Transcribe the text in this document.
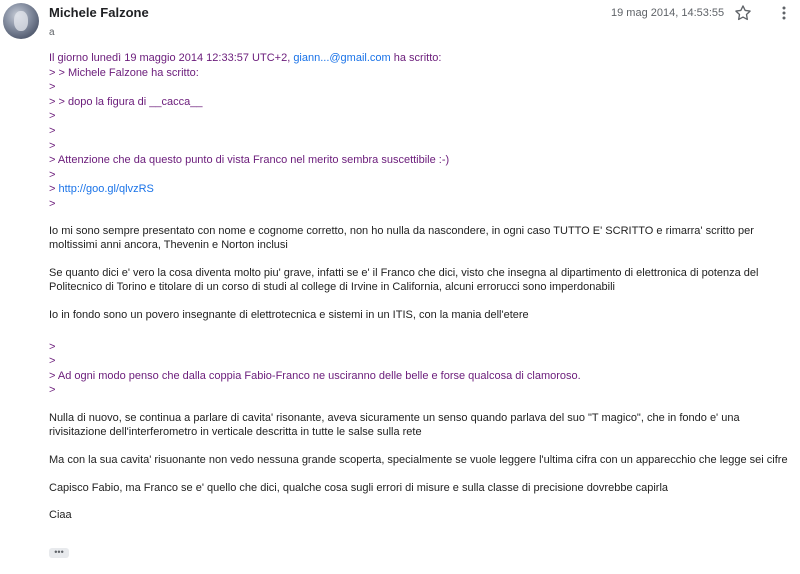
Michele Falzone
a
19 mag 2014, 14:53:55
Il giorno lunedì 19 maggio 2014 12:33:57 UTC+2, giann...@gmail.com ha scritto:
> > Michele Falzone ha scritto:
>
> > dopo la figura di __cacca__
>
>
>
> Attenzione che da questo punto di vista Franco nel merito sembra suscettibile :-)
>
> http://goo.gl/qlvzRS
>

Io mi sono sempre presentato con nome e cognome corretto, non ho nulla da nascondere, in ogni caso TUTTO E' SCRITTO e rimarra' scritto per moltissimi anni ancora, Thevenin e Norton inclusi

Se quanto dici e' vero la cosa diventa molto piu' grave, infatti se e' il Franco che dici, visto che insegna al dipartimento di elettronica di potenza del Politecnico di Torino e titolare di un corso di studi al college di Irvine in California, alcuni errorucci sono imperdonabili

Io in fondo sono un povero insegnante di elettrotecnica e sistemi in un ITIS, con la mania dell'etere

>
>
> Ad ogni modo penso che dalla coppia Fabio-Franco ne usciranno delle belle e forse qualcosa di clamoroso.
>

Nulla di nuovo, se continua a parlare di cavita' risonante, aveva sicuramente un senso quando parlava del suo "T magico", che in fondo e' una rivisitazione dell'interferometro in verticale descritta in tutte le salse sulla rete

Ma con la sua cavita' risuonante non vedo nessuna grande scoperta, specialmente se vuole leggere l'ultima cifra con un apparecchio che legge sei cifre

Capisco Fabio, ma Franco se e' quello che dici, qualche cosa sugli errori di misure e sulla classe di precisione dovrebbe capirla

Ciaa

•••
